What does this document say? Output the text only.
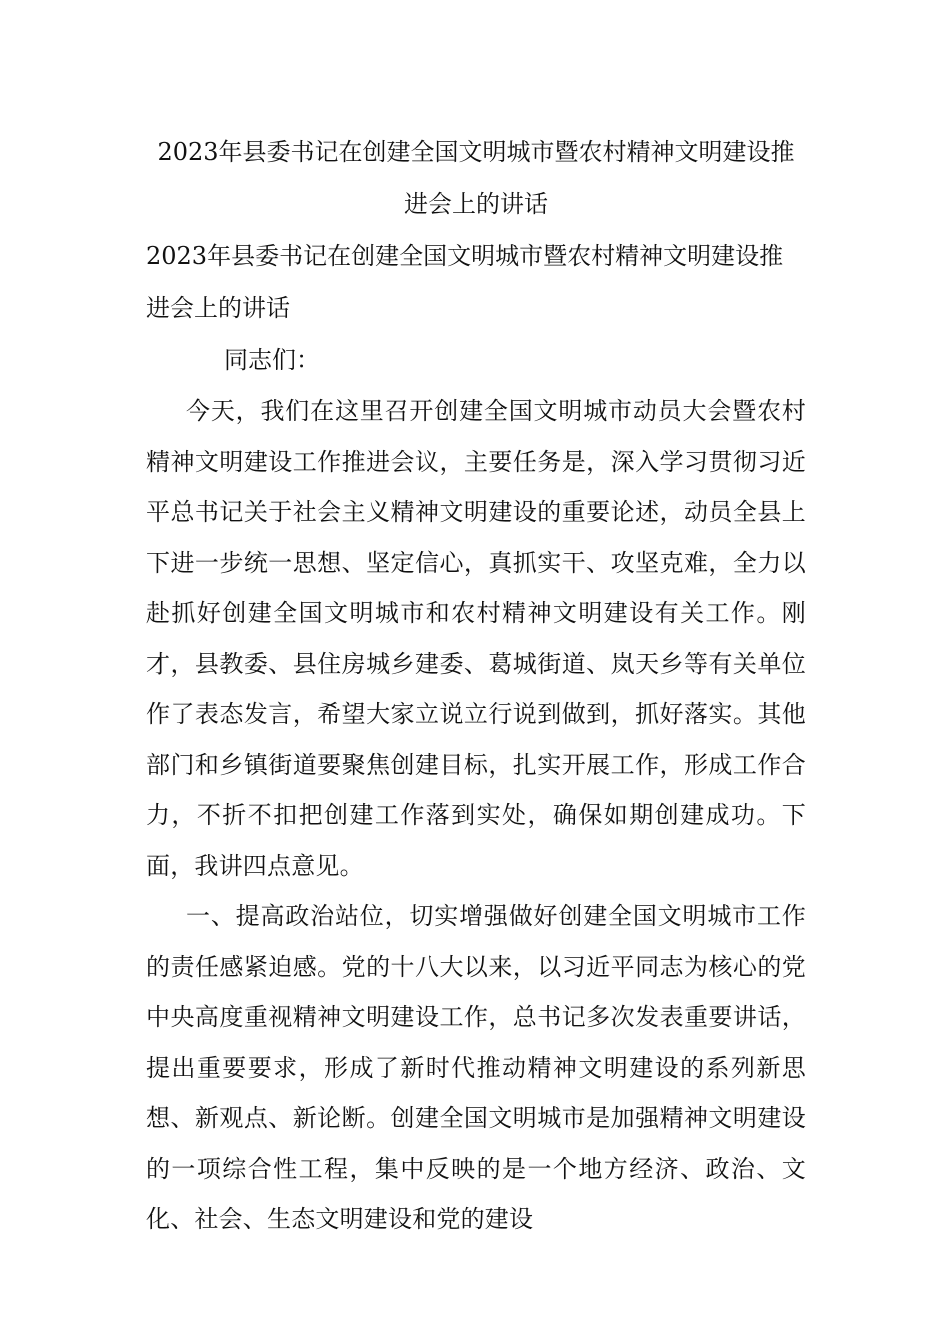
2023年县委书记在创建全国文明城市暨农村精神文明建设推进会上的讲话

2023年县委书记在创建全国文明城市暨农村精神文明建设推进会上的讲话

同志们：

今天，我们在这里召开创建全国文明城市动员大会暨农村精神文明建设工作推进会议，主要任务是，深入学习贯彻习近平总书记关于社会主义精神文明建设的重要论述，动员全县上下进一步统一思想、坚定信心，真抓实干、攻坚克难，全力以赴抓好创建全国文明城市和农村精神文明建设有关工作。刚才，县教委、县住房城乡建委、葛城街道、岚天乡等有关单位作了表态发言，希望大家立说立行说到做到，抓好落实。其他部门和乡镇街道要聚焦创建目标，扎实开展工作，形成工作合力，不折不扣把创建工作落到实处，确保如期创建成功。下面，我讲四点意见。

一、提高政治站位，切实增强做好创建全国文明城市工作的责任感紧迫感。党的十八大以来，以习近平同志为核心的党中央高度重视精神文明建设工作，总书记多次发表重要讲话，提出重要要求，形成了新时代推动精神文明建设的系列新思想、新观点、新论断。创建全国文明城市是加强精神文明建设的一项综合性工程，集中反映的是一个地方经济、政治、文化、社会、生态文明建设和党的建设
